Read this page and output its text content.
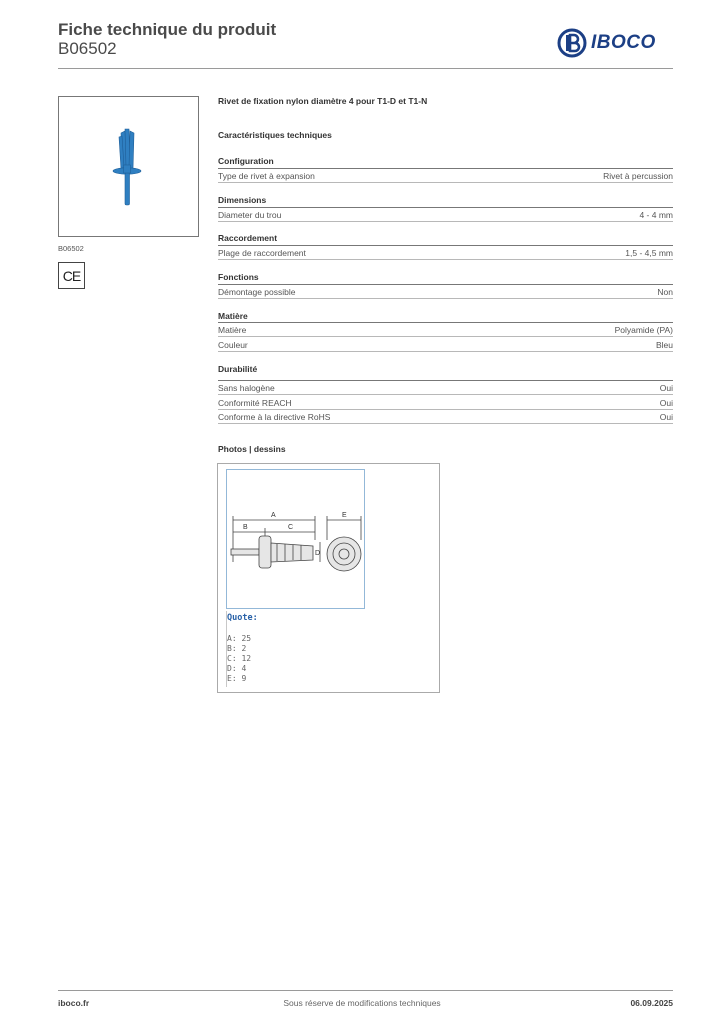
Fiche technique du produit
B06502	IBOCO
B06502
CE
Rivet de fixation nylon diamètre 4 pour T1-D et T1-N
Caractéristiques techniques
Configuration
Type de rivet à expansion	Rivet à percussion
Dimensions
Diameter du trou	4 - 4 mm
Raccordement
Plage de raccordement	1,5 - 4,5 mm
Fonctions
Démontage possible	Non
Matière
Matière	Polyamide (PA)
Couleur	Bleu
Durabilité
Sans halogène	Oui
Conformité REACH	Oui
Conforme à la directive RoHS	Oui
Photos | dessins
A
B	C
D
E
Quote:
A: 25
B: 2
C: 12
D: 4
E: 9
iboco.fr	Sous réserve de modifications techniques	06.09.2025
